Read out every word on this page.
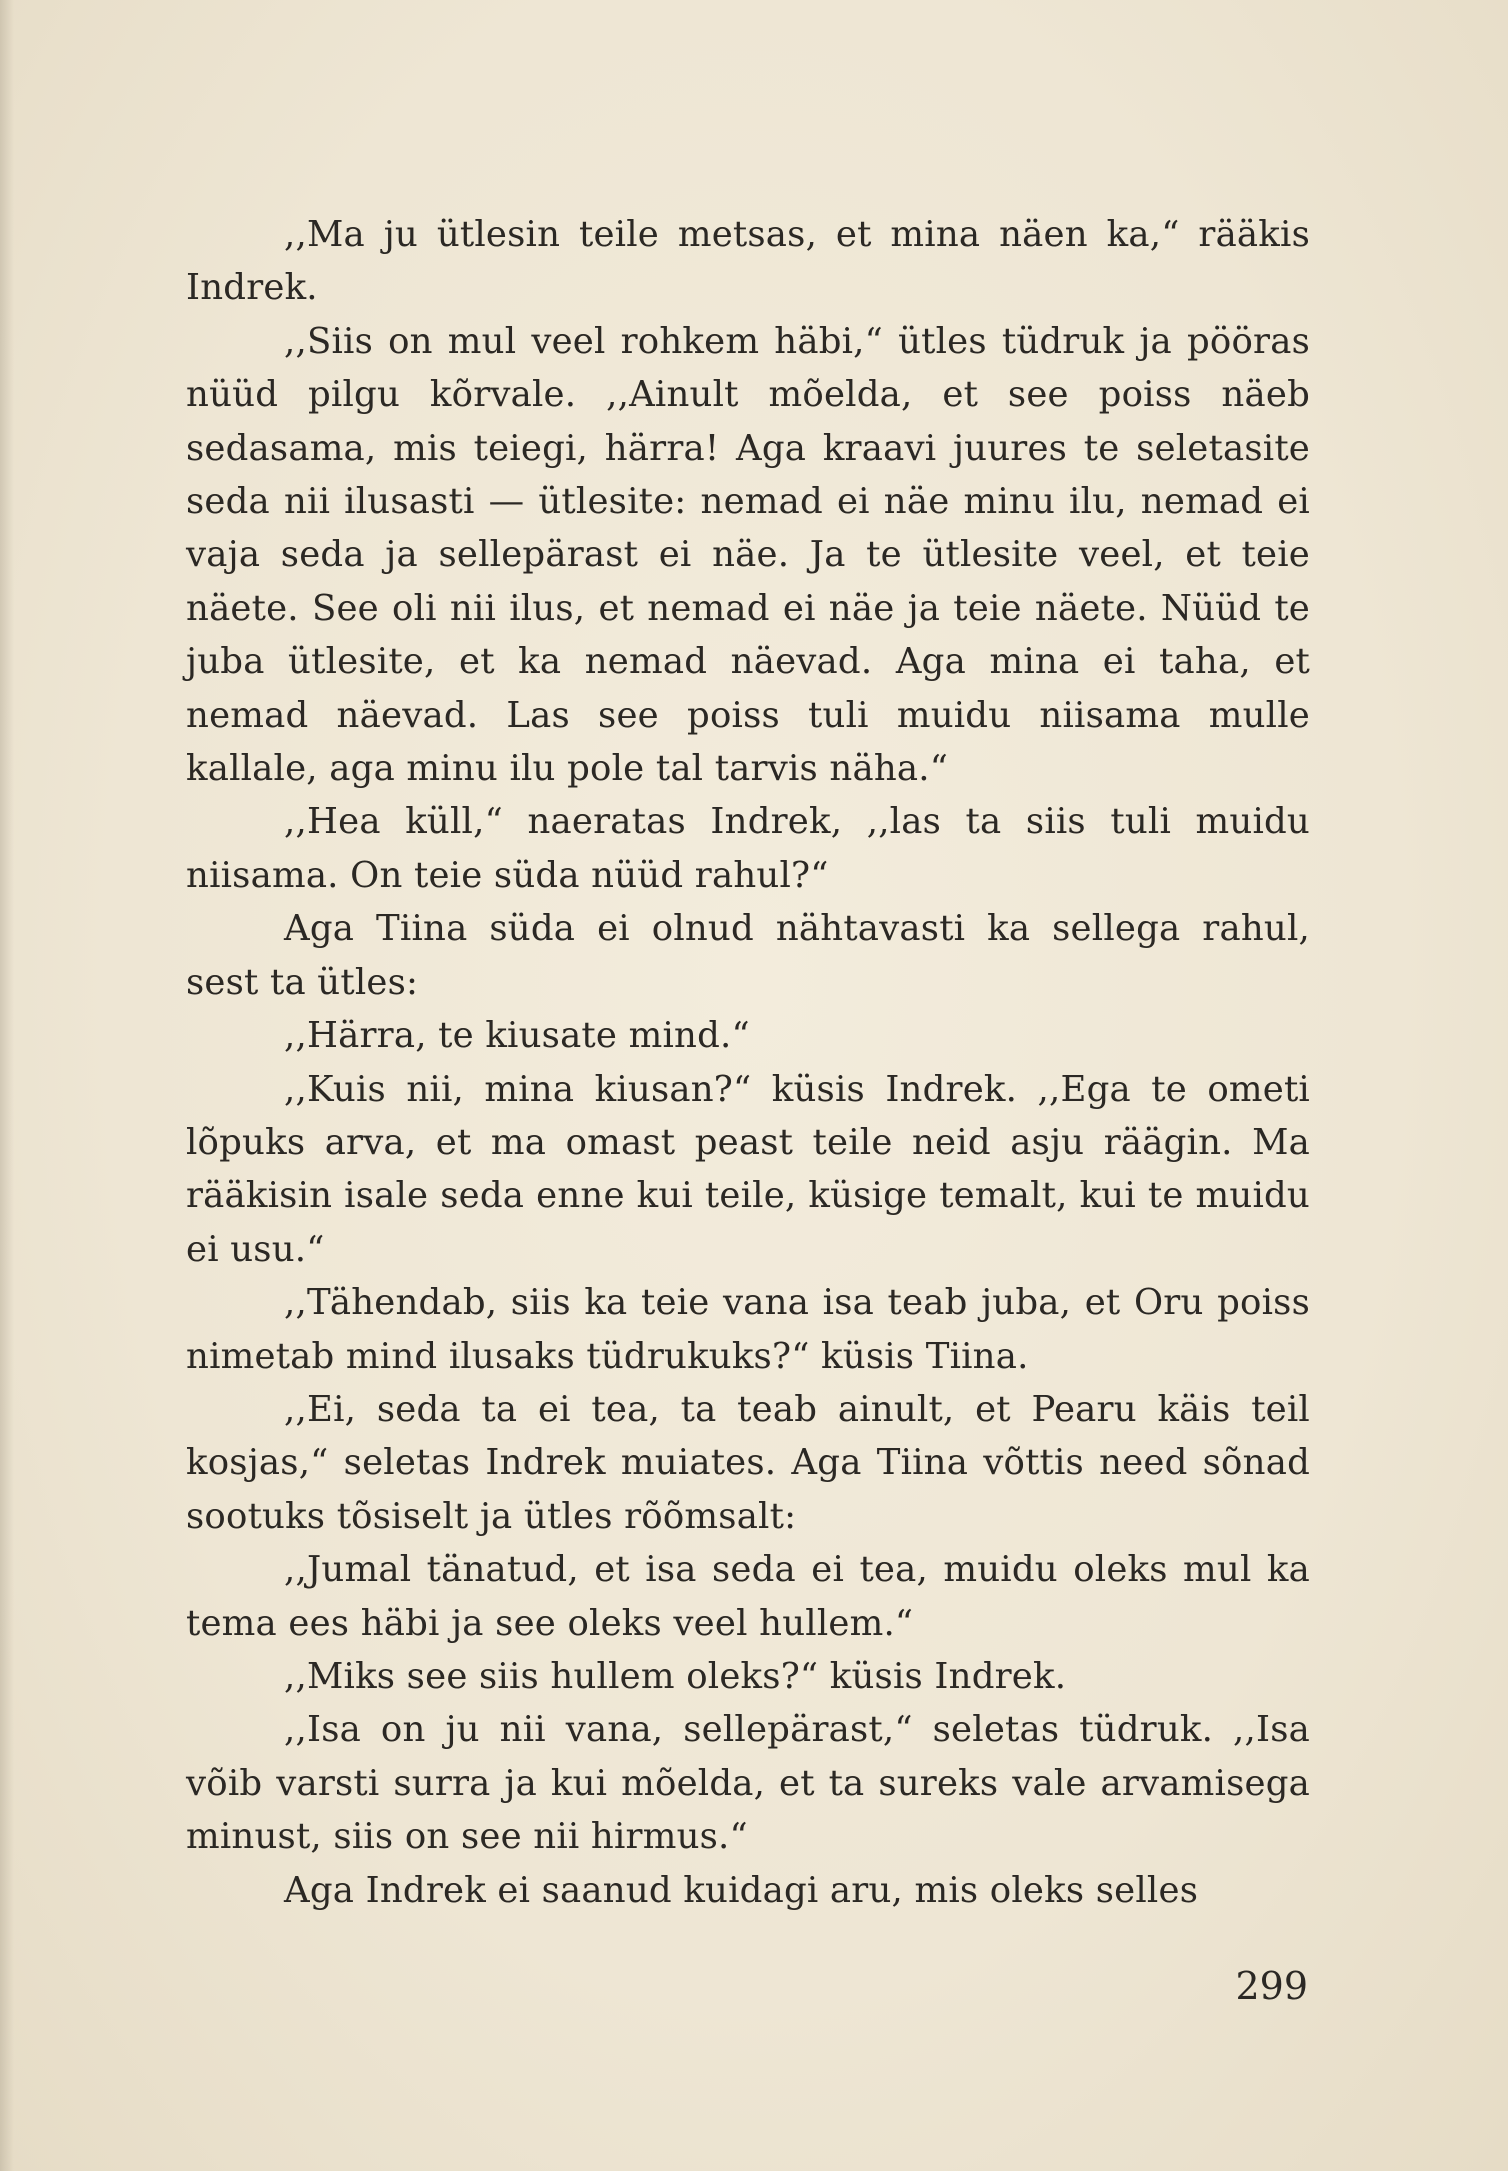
,,Ma ju ütlesin teile metsas, et mina näen ka,“ rääkis Indrek.

,,Siis on mul veel rohkem häbi,“ ütles tüdruk ja pööras nüüd pilgu kõrvale. ,,Ainult mõelda, et see poiss näeb sedasama, mis teiegi, härra! Aga kraavi juures te seletasite seda nii ilusasti — ütlesite: nemad ei näe minu ilu, nemad ei vaja seda ja sellepärast ei näe. Ja te ütlesite veel, et teie näete. See oli nii ilus, et nemad ei näe ja teie näete. Nüüd te juba ütlesite, et ka nemad näevad. Aga mina ei taha, et nemad näevad. Las see poiss tuli muidu niisama mulle kallale, aga minu ilu pole tal tarvis näha.“

,,Hea küll,“ naeratas Indrek, ,,las ta siis tuli muidu niisama. On teie süda nüüd rahul?“

Aga Tiina süda ei olnud nähtavasti ka sellega rahul, sest ta ütles:

,,Härra, te kiusate mind.“

,,Kuis nii, mina kiusan?“ küsis Indrek. ,,Ega te ometi lõpuks arva, et ma omast peast teile neid asju räägin. Ma rääkisin isale seda enne kui teile, küsige temalt, kui te muidu ei usu.“

,,Tähendab, siis ka teie vana isa teab juba, et Oru poiss nimetab mind ilusaks tüdrukuks?“ küsis Tiina.

,,Ei, seda ta ei tea, ta teab ainult, et Pearu käis teil kosjas,“ seletas Indrek muiates. Aga Tiina võttis need sõnad sootuks tõsiselt ja ütles rõõmsalt:

,,Jumal tänatud, et isa seda ei tea, muidu oleks mul ka tema ees häbi ja see oleks veel hullem.“

,,Miks see siis hullem oleks?“ küsis Indrek.

,,Isa on ju nii vana, sellepärast,“ seletas tüdruk. ,,Isa võib varsti surra ja kui mõelda, et ta sureks vale arvamisega minust, siis on see nii hirmus.“

Aga Indrek ei saanud kuidagi aru, mis oleks selles

299
